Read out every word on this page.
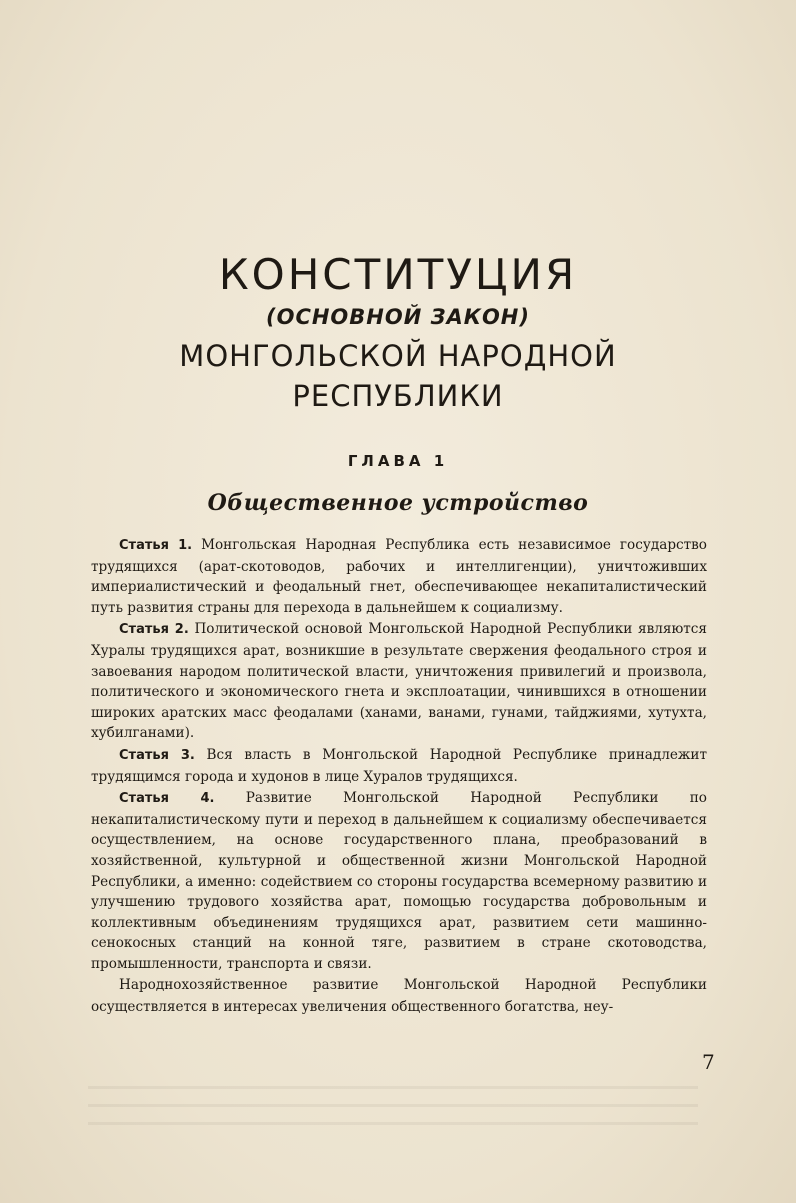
КОНСТИТУЦИЯ
(ОСНОВНОЙ ЗАКОН)
МОНГОЛЬСКОЙ НАРОДНОЙ
РЕСПУБЛИКИ
ГЛАВА 1
Общественное устройство

Статья 1. Монгольская Народная Республика есть независимое государство трудящихся (арат-скотоводов, рабочих и интеллигенции), уничтоживших империалистический и феодальный гнет, обеспечивающее некапиталистический путь развития страны для перехода в дальнейшем к социализму.

Статья 2. Политической основой Монгольской Народной Республики являются Хуралы трудящихся арат, возникшие в результате свержения феодального строя и завоевания народом политической власти, уничтожения привилегий и произвола, политического и экономического гнета и эксплоатации, чинившихся в отношении широких аратских масс феодалами (ханами, ванами, гунами, тайджиями, хутухта, хубилганами).

Статья 3. Вся власть в Монгольской Народной Республике принадлежит трудящимся города и худонов в лице Хуралов трудящихся.

Статья 4. Развитие Монгольской Народной Республики по некапиталистическому пути и переход в дальнейшем к социализму обеспечивается осуществлением, на основе государственного плана, преобразований в хозяйственной, культурной и общественной жизни Монгольской Народной Республики, а именно: содействием со стороны государства всемерному развитию и улучшению трудового хозяйства арат, помощью государства добровольным и коллективным объединениям трудящихся арат, развитием сети машинно-сенокосных станций на конной тяге, развитием в стране скотоводства, промышленности, транспорта и связи.

Народнохозяйственное развитие Монгольской Народной Республики осуществляется в интересах увеличения общественного богатства, неу-

7
